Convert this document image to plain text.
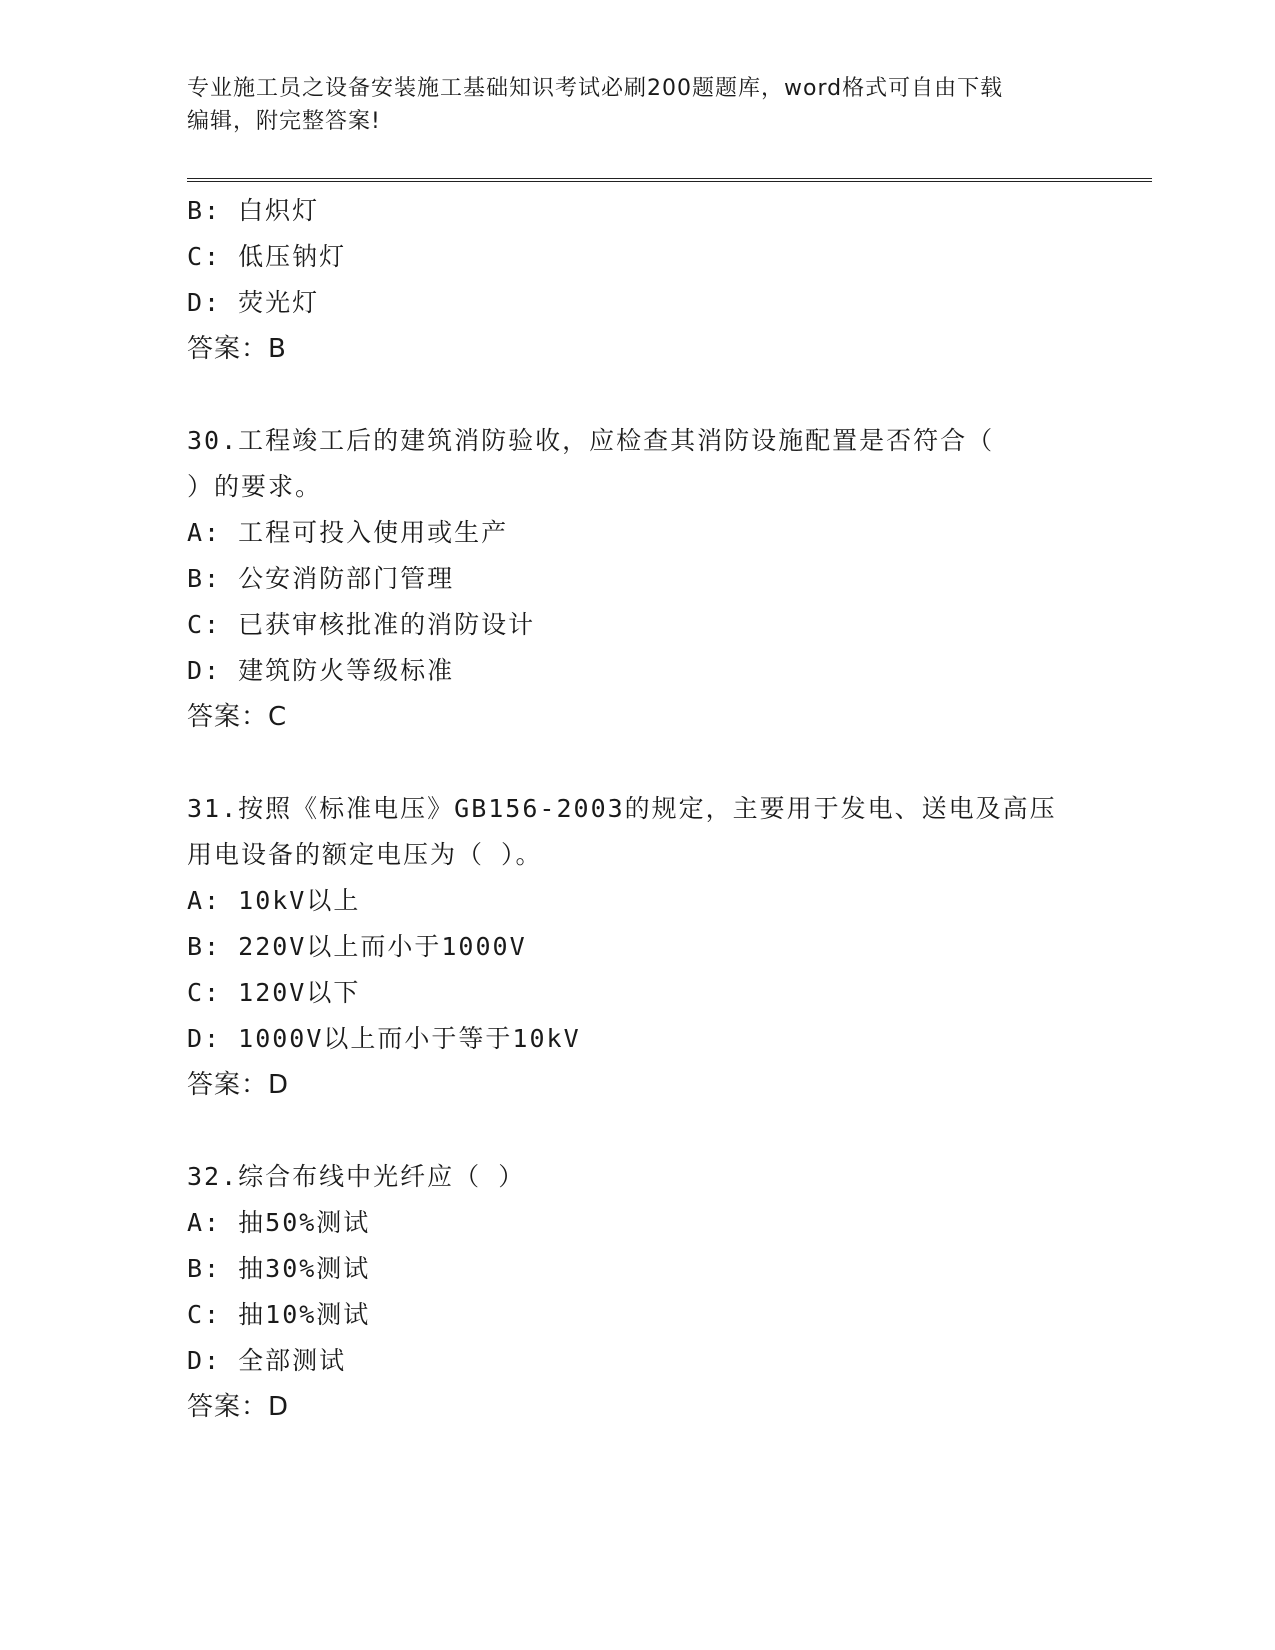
专业施工员之设备安装施工基础知识考试必刷200题题库，word格式可自由下载
编辑，附完整答案!
B: 白炽灯
C: 低压钠灯
D: 荧光灯
答案：B
30.工程竣工后的建筑消防验收，应检查其消防设施配置是否符合（
）的要求。
A: 工程可投入使用或生产
B: 公安消防部门管理
C: 已获审核批准的消防设计
D: 建筑防火等级标准
答案：C
31.按照《标准电压》GB156-2003的规定，主要用于发电、送电及高压
用电设备的额定电压为（ ）。
A: 10kV以上
B: 220V以上而小于1000V
C: 120V以下
D: 1000V以上而小于等于10kV
答案：D
32.综合布线中光纤应（ ）
A: 抽50%测试
B: 抽30%测试
C: 抽10%测试
D: 全部测试
答案：D
